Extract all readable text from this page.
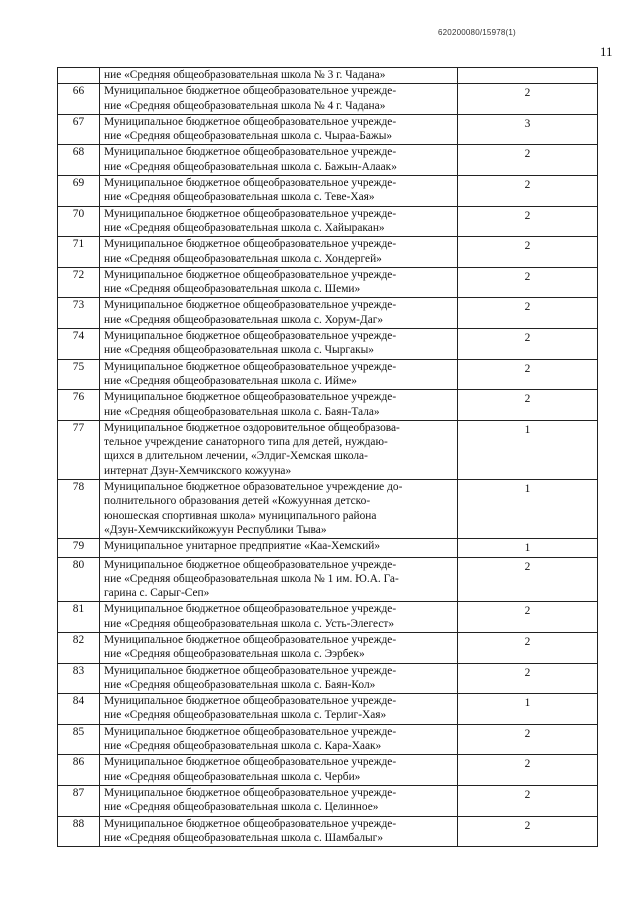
620200080/15978(1)
11
	ние «Средняя общеобразовательная школа № 3 г. Чадана»	
66	Муниципальное бюджетное общеобразовательное учрежде-
ние «Средняя общеобразовательная школа № 4 г. Чадана»	2
67	Муниципальное бюджетное общеобразовательное учрежде-
ние «Средняя общеобразовательная школа с. Чыраа-Бажы»	3
68	Муниципальное бюджетное общеобразовательное учрежде-
ние «Средняя общеобразовательная школа с. Бажын-Алаак»	2
69	Муниципальное бюджетное общеобразовательное учрежде-
ние «Средняя общеобразовательная школа с. Теве-Хая»	2
70	Муниципальное бюджетное общеобразовательное учрежде-
ние «Средняя общеобразовательная школа с. Хайыракан»	2
71	Муниципальное бюджетное общеобразовательное учрежде-
ние «Средняя общеобразовательная школа с. Хондергей»	2
72	Муниципальное бюджетное общеобразовательное учрежде-
ние «Средняя общеобразовательная школа с. Шеми»	2
73	Муниципальное бюджетное общеобразовательное учрежде-
ние «Средняя общеобразовательная школа с. Хорум-Даг»	2
74	Муниципальное бюджетное общеобразовательное учрежде-
ние «Средняя общеобразовательная школа с. Чыргакы»	2
75	Муниципальное бюджетное общеобразовательное учрежде-
ние «Средняя общеобразовательная школа с. Ийме»	2
76	Муниципальное бюджетное общеобразовательное учрежде-
ние «Средняя общеобразовательная школа с. Баян-Тала»	2
77	Муниципальное бюджетное оздоровительное общеобразова-
тельное учреждение санаторного типа для детей, нуждаю-
щихся в длительном лечении, «Элдиг-Хемская школа-
интернат Дзун-Хемчикского кожууна»	1
78	Муниципальное бюджетное образовательное учреждение до-
полнительного образования детей «Кожуунная детско-
юношеская спортивная школа» муниципального района
«Дзун-Хемчикскийкожуун Республики Тыва»	1
79	Муниципальное унитарное предприятие «Каа-Хемский»	1
80	Муниципальное бюджетное общеобразовательное учрежде-
ние «Средняя общеобразовательная школа № 1 им. Ю.А. Га-
гарина с. Сарыг-Сеп»	2
81	Муниципальное бюджетное общеобразовательное учрежде-
ние «Средняя общеобразовательная школа с. Усть-Элегест»	2
82	Муниципальное бюджетное общеобразовательное учрежде-
ние «Средняя общеобразовательная школа с. Ээрбек»	2
83	Муниципальное бюджетное общеобразовательное учрежде-
ние «Средняя общеобразовательная школа с. Баян-Кол»	2
84	Муниципальное бюджетное общеобразовательное учрежде-
ние «Средняя общеобразовательная школа с. Терлиг-Хая»	1
85	Муниципальное бюджетное общеобразовательное учрежде-
ние «Средняя общеобразовательная школа с. Кара-Хаак»	2
86	Муниципальное бюджетное общеобразовательное учрежде-
ние «Средняя общеобразовательная школа с. Черби»	2
87	Муниципальное бюджетное общеобразовательное учрежде-
ние «Средняя общеобразовательная школа с. Целинное»	2
88	Муниципальное бюджетное общеобразовательное учрежде-
ние «Средняя общеобразовательная школа с. Шамбалыг»	2
